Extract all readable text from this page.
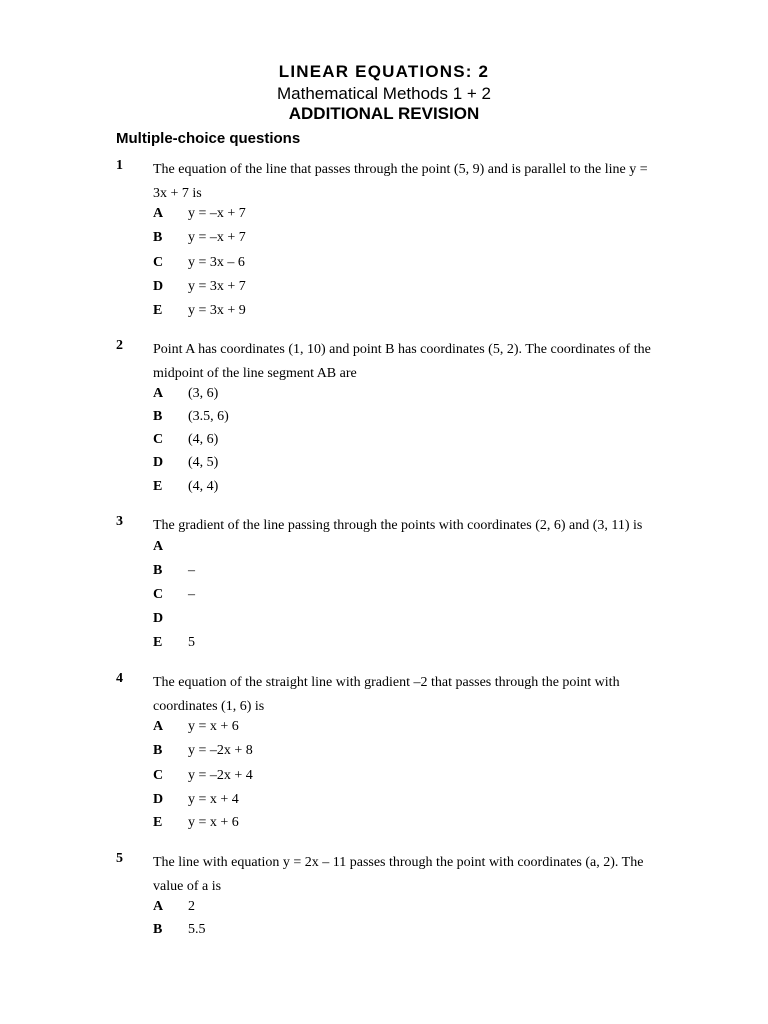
LINEAR EQUATIONS: 2
Mathematical Methods 1 + 2
ADDITIONAL REVISION
Multiple-choice questions
1 The equation of the line that passes through the point (5, 9) and is parallel to the line y = 3x + 7 is
A y = –x + 7
B y = –x + 7
C y = 3x – 6
D y = 3x + 7
E y = 3x + 9
2 Point A has coordinates (1, 10) and point B has coordinates (5, 2). The coordinates of the midpoint of the line segment AB are
A (3, 6)
B (3.5, 6)
C (4, 6)
D (4, 5)
E (4, 4)
3 The gradient of the line passing through the points with coordinates (2, 6) and (3, 11) is
A
B –
C –
D
E 5
4 The equation of the straight line with gradient –2 that passes through the point with coordinates (1, 6) is
A y = x + 6
B y = –2x + 8
C y = –2x + 4
D y = x + 4
E y = x + 6
5 The line with equation y = 2x – 11 passes through the point with coordinates (a, 2). The value of a is
A 2
B 5.5
